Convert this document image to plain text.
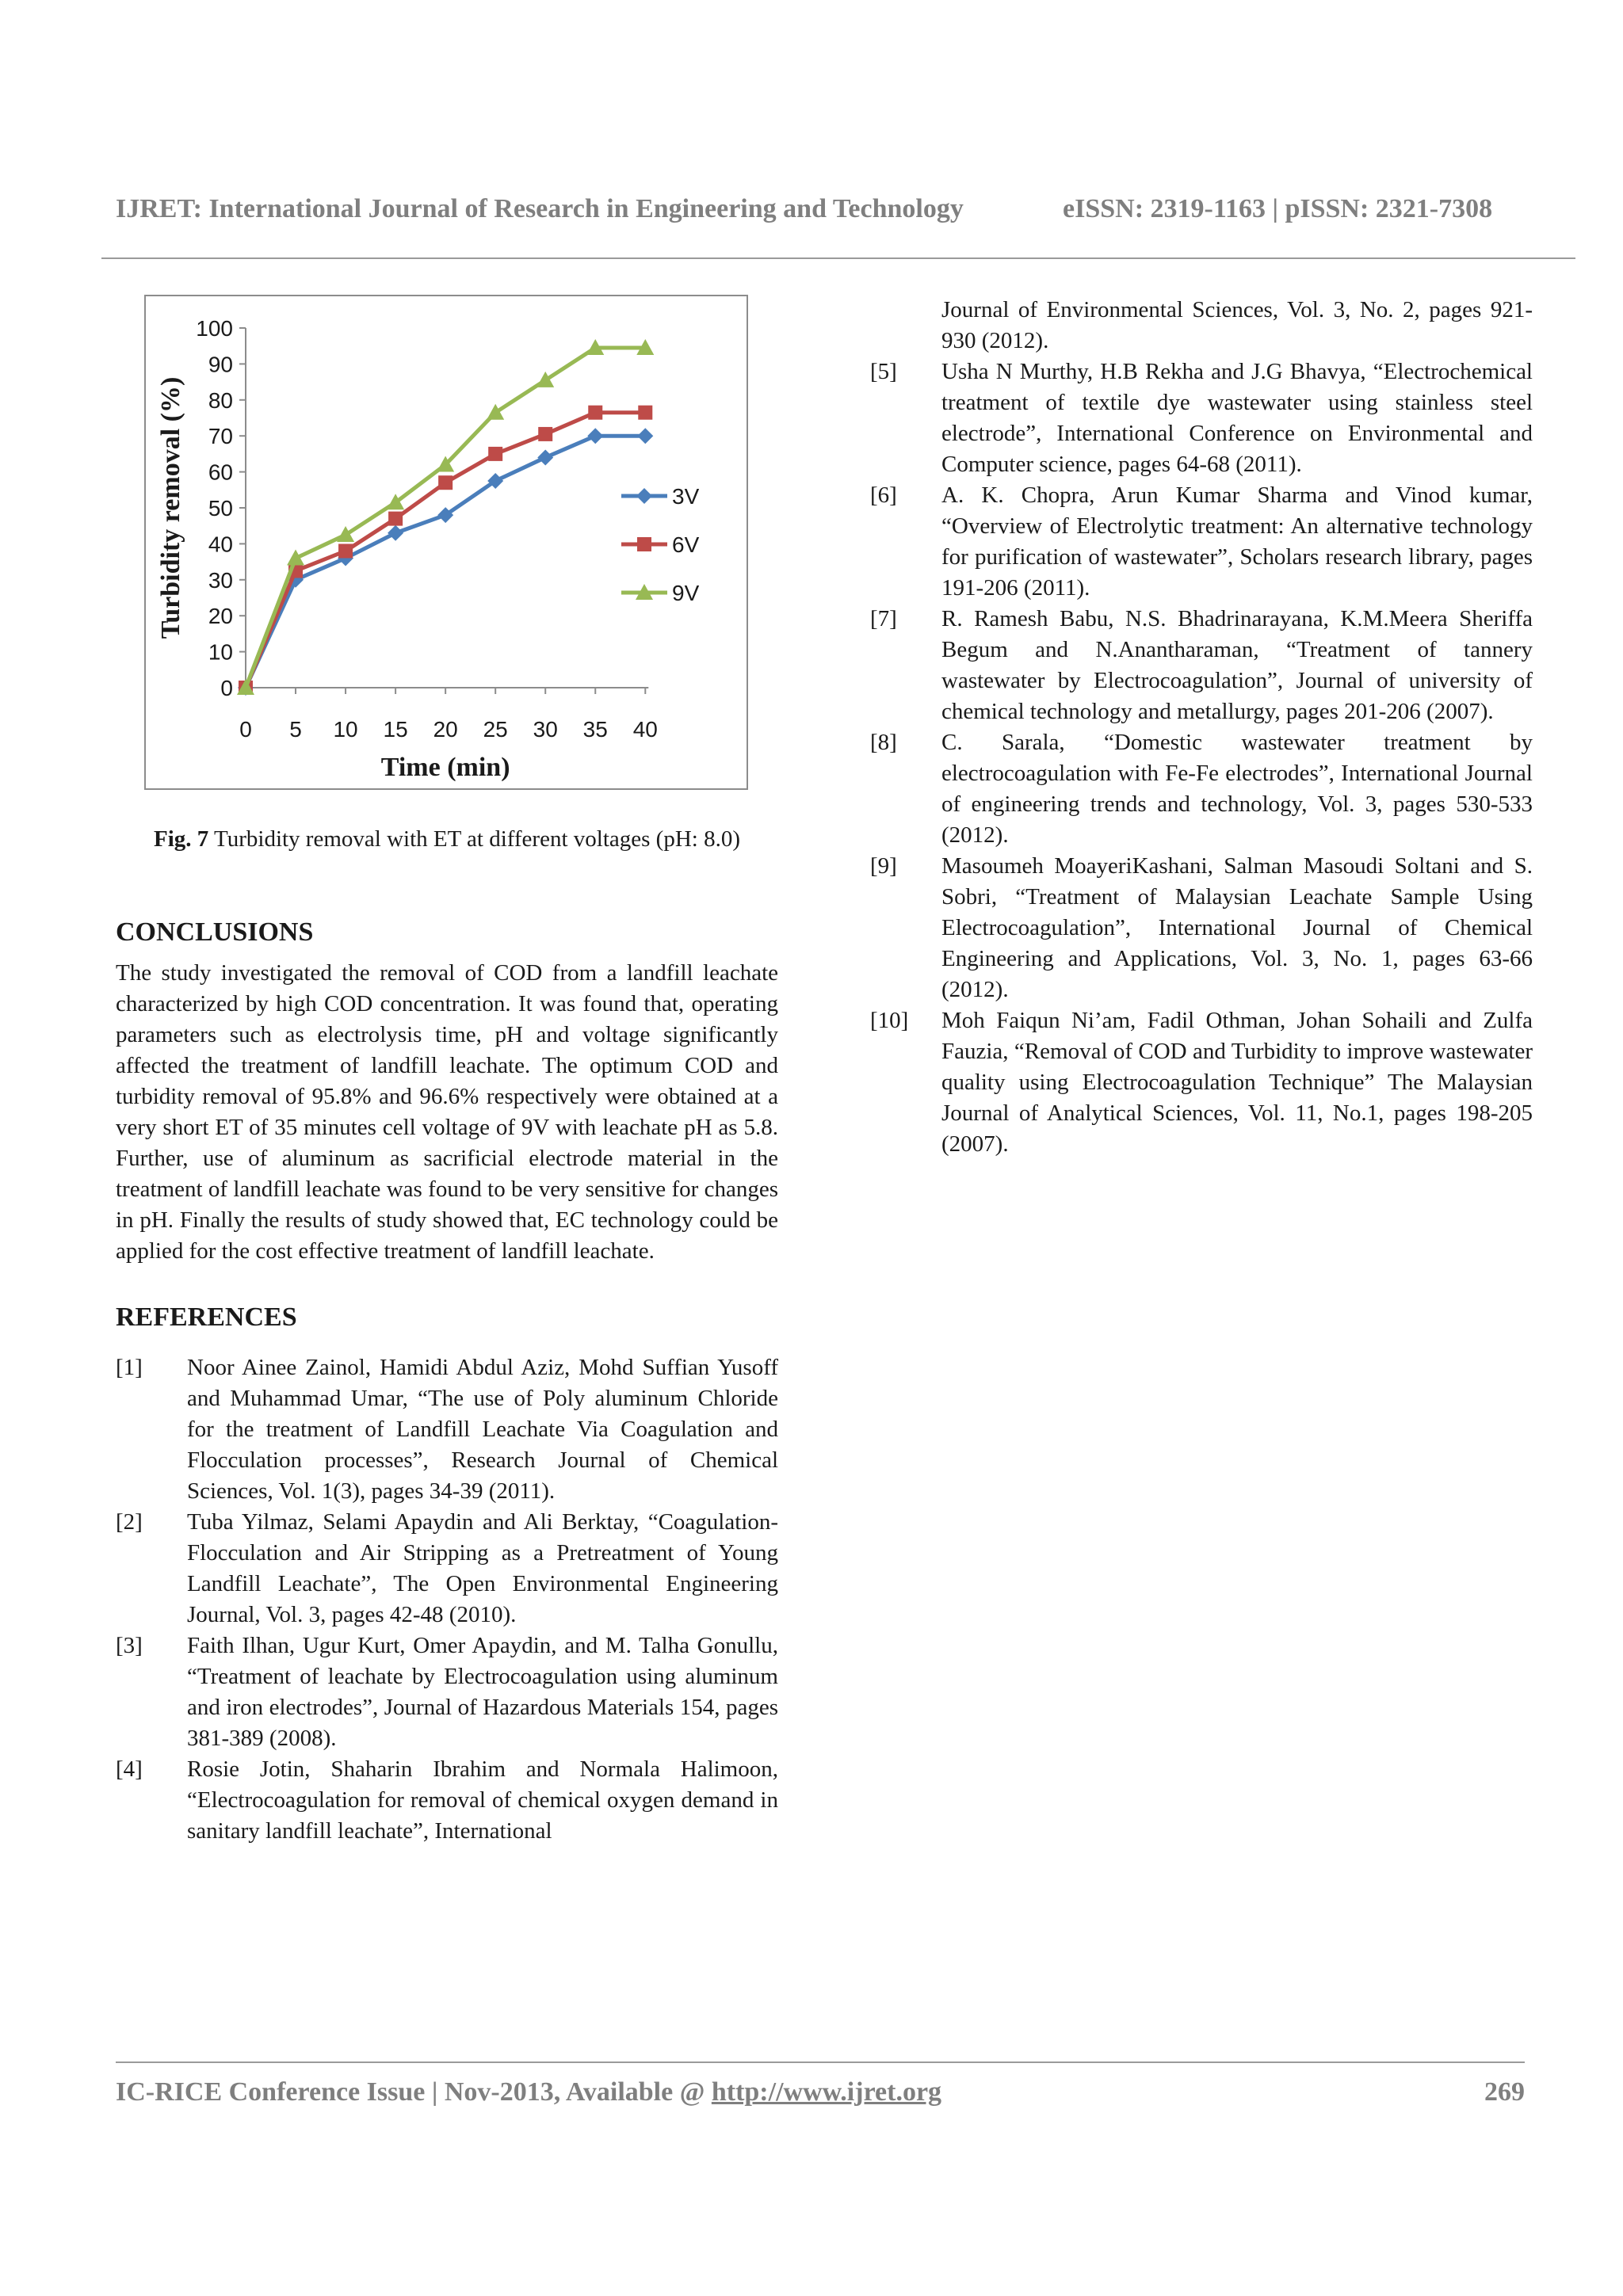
IJRET: International Journal of Research in Engineering and Technology	eISSN: 2319-1163 | pISSN: 2321-7308
0
10
20
30
40
50
60
70
80
90
100
0 5 10 15 20 25 30 35 40
Time (min)
Turbidity removal (%)	3V
6V
9V
Fig. 7 Turbidity removal with ET at different voltages (pH: 8.0)
CONCLUSIONS

The study investigated the removal of COD from a landfill leachate characterized by high COD concentration. It was found that, operating parameters such as electrolysis time, pH and voltage significantly affected the treatment of landfill leachate. The optimum COD and turbidity removal of 95.8% and 96.6% respectively were obtained at a very short ET of 35 minutes cell voltage of 9V with leachate pH as 5.8. Further, use of aluminum as sacrificial electrode material in the treatment of landfill leachate was found to be very sensitive for changes in pH. Finally the results of study showed that, EC technology could be applied for the cost effective treatment of landfill leachate.

REFERENCES
[1]	Noor Ainee Zainol, Hamidi Abdul Aziz, Mohd Suffian Yusoff and Muhammad Umar, “The use of Poly aluminum Chloride for the treatment of Landfill Leachate Via Coagulation and Flocculation processes”, Research Journal of Chemical Sciences, Vol. 1(3), pages 34-39 (2011).
[2]	Tuba Yilmaz, Selami Apaydin and Ali Berktay, “Coagulation-Flocculation and Air Stripping as a Pretreatment of Young Landfill Leachate”, The Open Environmental Engineering Journal, Vol. 3, pages 42-48 (2010).
[3]	Faith Ilhan, Ugur Kurt, Omer Apaydin, and M. Talha Gonullu, “Treatment of leachate by Electrocoagulation using aluminum and iron electrodes”, Journal of Hazardous Materials 154, pages 381-389 (2008).
[4]	Rosie Jotin, Shaharin Ibrahim and Normala Halimoon, “Electrocoagulation for removal of chemical oxygen demand in sanitary landfill leachate”, International
Journal of Environmental Sciences, Vol. 3, No. 2, pages 921-930 (2012).
[5]	Usha N Murthy, H.B Rekha and J.G Bhavya, “Electrochemical treatment of textile dye wastewater using stainless steel electrode”, International Conference on Environmental and Computer science, pages 64-68 (2011).
[6]	A. K. Chopra, Arun Kumar Sharma and Vinod kumar, “Overview of Electrolytic treatment: An alternative technology for purification of wastewater”, Scholars research library, pages 191-206 (2011).
[7]	R. Ramesh Babu, N.S. Bhadrinarayana, K.M.Meera Sheriffa Begum and N.Anantharaman, “Treatment of tannery wastewater by Electrocoagulation”, Journal of university of chemical technology and metallurgy, pages 201-206 (2007).
[8]	C. Sarala, “Domestic wastewater treatment by electrocoagulation with Fe-Fe electrodes”, International Journal of engineering trends and technology, Vol. 3, pages 530-533 (2012).
[9]	Masoumeh MoayeriKashani, Salman Masoudi Soltani and S. Sobri, “Treatment of Malaysian Leachate Sample Using Electrocoagulation”, International Journal of Chemical Engineering and Applications, Vol. 3, No. 1, pages 63-66 (2012).
[10]	Moh Faiqun Ni’am, Fadil Othman, Johan Sohaili and Zulfa Fauzia, “Removal of COD and Turbidity to improve wastewater quality using Electrocoagulation Technique” The Malaysian Journal of Analytical Sciences, Vol. 11, No.1, pages 198-205 (2007).
IC-RICE Conference Issue | Nov-2013, Available @ http://www.ijret.org	269
